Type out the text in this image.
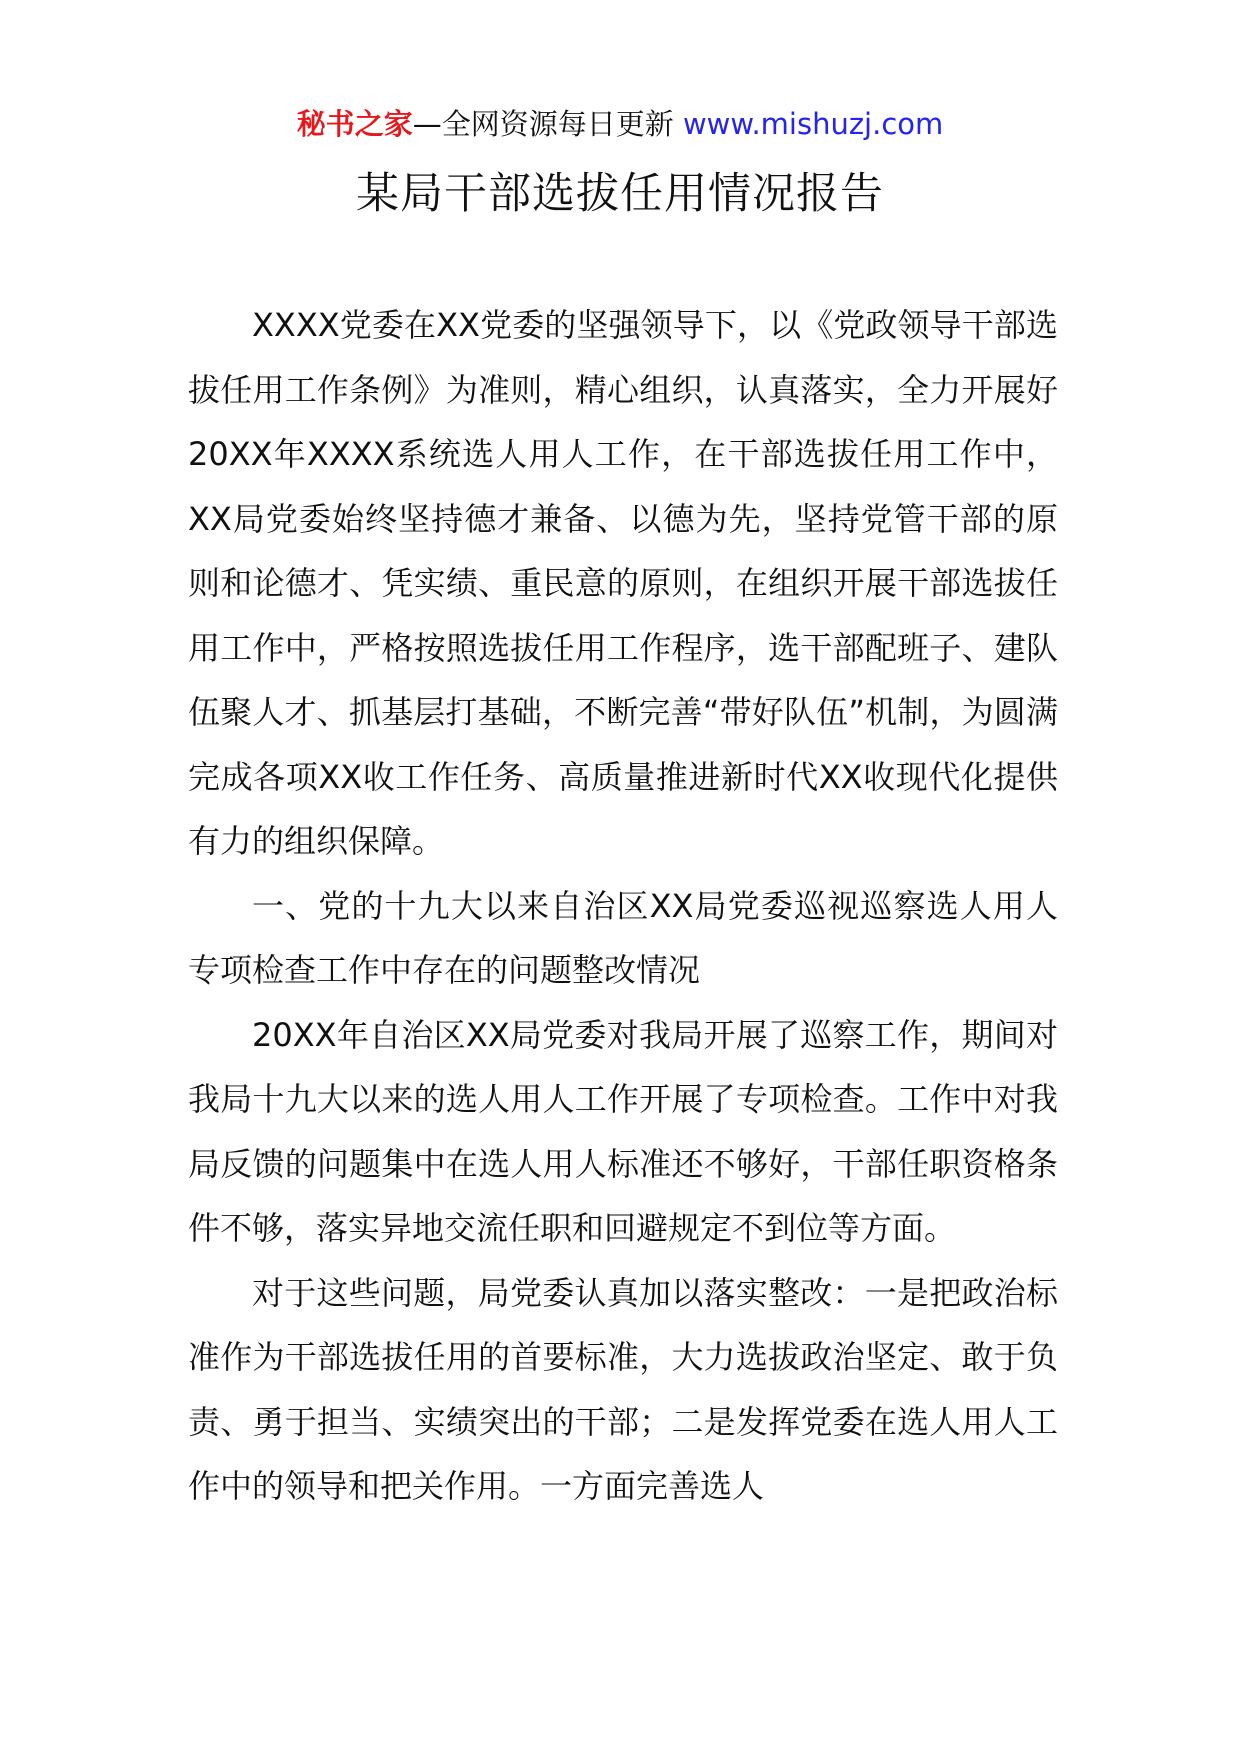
秘书之家—全网资源每日更新 www.mishuzj.com
某局干部选拔任用情况报告

XXXX党委在XX党委的坚强领导下，以《党政领导干部选拔任用工作条例》为准则，精心组织，认真落实，全力开展好20XX年XXXX系统选人用人工作，在干部选拔任用工作中，XX局党委始终坚持德才兼备、以德为先，坚持党管干部的原则和论德才、凭实绩、重民意的原则，在组织开展干部选拔任用工作中，严格按照选拔任用工作程序，选干部配班子、建队伍聚人才、抓基层打基础，不断完善“带好队伍”机制，为圆满完成各项XX收工作任务、高质量推进新时代XX收现代化提供有力的组织保障。

一、党的十九大以来自治区XX局党委巡视巡察选人用人专项检查工作中存在的问题整改情况

20XX年自治区XX局党委对我局开展了巡察工作，期间对我局十九大以来的选人用人工作开展了专项检查。工作中对我局反馈的问题集中在选人用人标准还不够好，干部任职资格条件不够，落实异地交流任职和回避规定不到位等方面。

对于这些问题，局党委认真加以落实整改：一是把政治标准作为干部选拔任用的首要标准，大力选拔政治坚定、敢于负责、勇于担当、实绩突出的干部；二是发挥党委在选人用人工作中的领导和把关作用。一方面完善选人
